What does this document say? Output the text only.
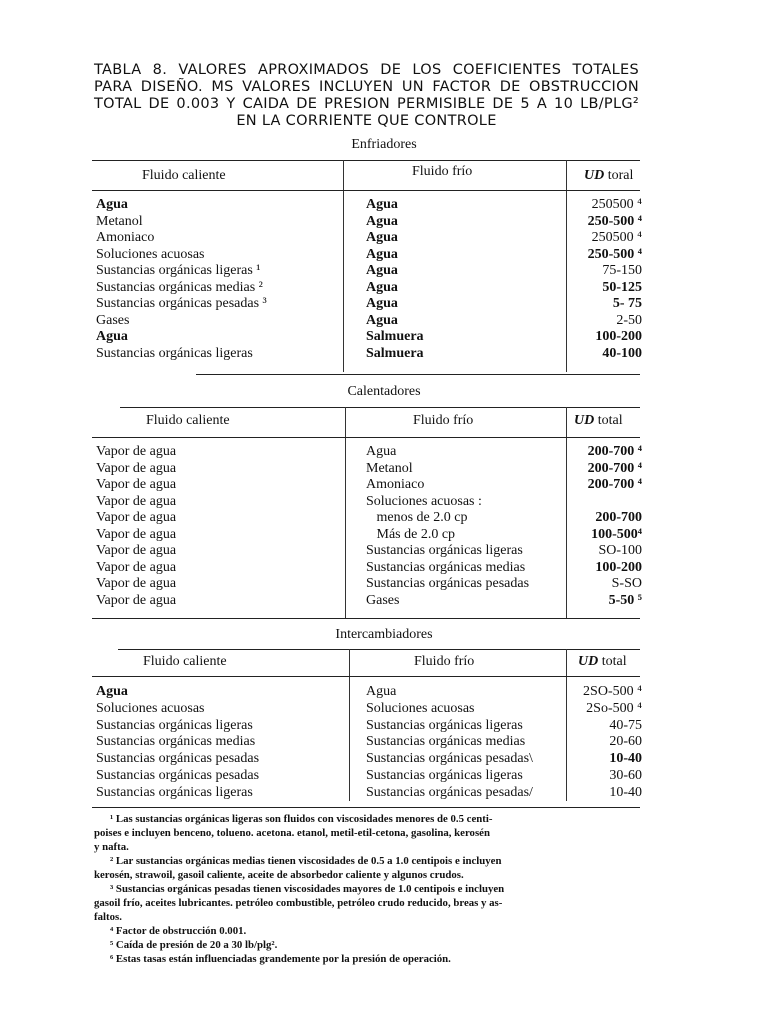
TABLA 8. VALORES APROXIMADOS DE LOS COEFICIENTES TOTALES
PARA DISEÑO. MS VALORES INCLUYEN UN FACTOR DE OBSTRUCCION
TOTAL DE 0.003 Y CAIDA DE PRESION PERMISIBLE DE 5 A 10 LB/PLG²
EN LA CORRIENTE QUE CONTROLE
Enfriadores
Fluido caliente	Fluido frío	UD toral
Agua	Agua	250500 ⁴
Metanol	Agua	250-500 ⁴
Amoniaco	Agua	250500 ⁴
Soluciones acuosas	Agua	250-500 ⁴
Sustancias orgánicas ligeras ¹	Agua	75-150
Sustancias orgánicas medias ²	Agua	50-125
Sustancias orgánicas pesadas ³	Agua	5- 75
Gases	Agua	2-50
Agua	Salmuera	100-200
Sustancias orgánicas ligeras	Salmuera	40-100
Calentadores
Fluido caliente	Fluido frío	UD total
Vapor de agua	Agua	200-700 ⁴
Vapor de agua	Metanol	200-700 ⁴
Vapor de agua	Amoniaco	200-700 ⁴
Vapor de agua	Soluciones acuosas :
Vapor de agua	menos de 2.0 cp	200-700
Vapor de agua	Más de 2.0 cp	100-500⁴
Vapor de agua	Sustancias orgánicas ligeras	SO-100
Vapor de agua	Sustancias orgánicas medias	100-200
Vapor de agua	Sustancias orgánicas pesadas	S-SO
Vapor de agua	Gases	5-50 ⁵
Intercambiadores
Fluido caliente	Fluido frío	UD total
Agua	Agua	2SO-500 ⁴
Soluciones acuosas	Soluciones acuosas	2So-500 ⁴
Sustancias orgánicas ligeras	Sustancias orgánicas ligeras	40-75
Sustancias orgánicas medias	Sustancias orgánicas medias	20-60
Sustancias orgánicas pesadas	Sustancias orgánicas pesadas\	10-40
Sustancias orgánicas pesadas	Sustancias orgánicas ligeras	30-60
Sustancias orgánicas ligeras	Sustancias orgánicas pesadas/	10-40
¹ Las sustancias orgánicas ligeras son fluidos con viscosidades menores de 0.5 centi-
poises e incluyen benceno, tolueno. acetona. etanol, metil-etil-cetona, gasolina, kerosén
y nafta.
² Lar sustancias orgánicas medias tienen viscosidades de 0.5 a 1.0 centipois e incluyen
kerosén, strawoil, gasoil caliente, aceite de absorbedor caliente y algunos crudos.
³ Sustancias orgánicas pesadas tienen viscosidades mayores de 1.0 centipois e incluyen
gasoil frío, aceites lubricantes. petróleo combustible, petróleo crudo reducido, breas y as-
faltos.
⁴ Factor de obstrucción 0.001.
⁵ Caída de presión de 20 a 30 lb/plg².
⁶ Estas tasas están influenciadas grandemente por la presión de operación.
